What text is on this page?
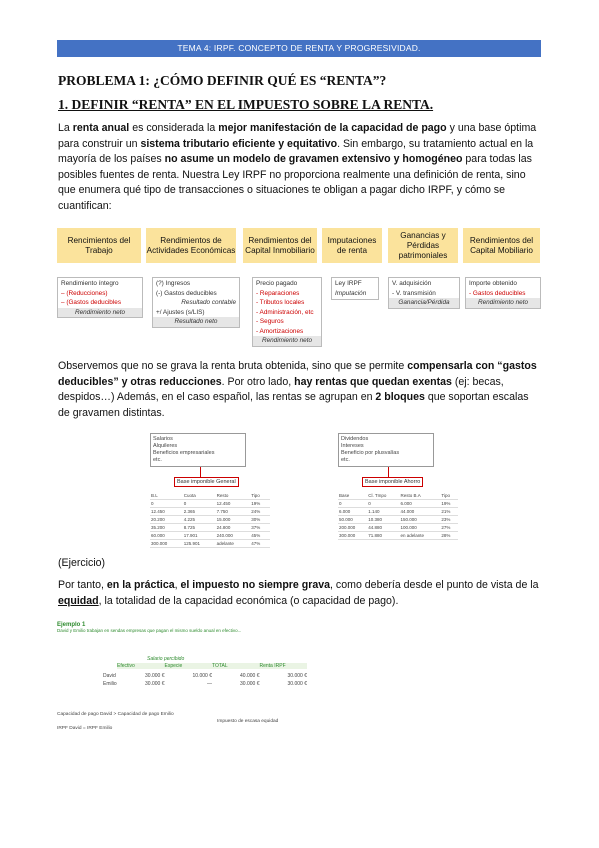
TEMA 4: IRPF. CONCEPTO DE RENTA Y PROGRESIVIDAD.
PROBLEMA 1: ¿CÓMO DEFINIR QUÉ ES “RENTA”?
1. DEFINIR “RENTA” EN EL IMPUESTO SOBRE LA RENTA.
La renta anual es considerada la mejor manifestación de la capacidad de pago y una base óptima para construir un sistema tributario eficiente y equitativo. Sin embargo, su tratamiento actual en la mayoría de los países no asume un modelo de gravamen extensivo y homogéneo para todas las posibles fuentes de renta. Nuestra Ley IRPF no proporciona realmente una definición de renta, sino que enumera qué tipo de transacciones o situaciones te obligan a pagar dicho IRPF, y cómo se cuantifican:
Rencimientos del Trabajo
Rendimientos de Actividades Económicas
Rendimientos del Capital Inmobiliario
Imputaciones de renta
Ganancias y Pérdidas patrimoniales
Rendimientos del Capital Mobiliario
Rendimiento íntegro
– (Reducciones)
– (Gastos deducibles
Rendimiento neto
(?) Ingresos
(‑) Gastos deducibles
Resultado contable
+/ Ajustes (s/LIS)
Resultado neto
Precio pagado
- Reparaciones
- Tributos locales
- Administración, etc
- Seguros
- Amortizaciones
Rendimiento neto
Ley IRPF
Imputación
V. adquisición
- V. transmisión
Ganancia/Pérdida
Importe obtenido
- Gastos deducibles
Rendimiento neto
Observemos que no se grava la renta bruta obtenida, sino que se permite compensarla con “gastos deducibles” y otras reducciones. Por otro lado, hay rentas que quedan exentas (ej: becas, despidos…) Además, en el caso español, las rentas se agrupan en 2 bloques que soportan escalas de gravamen distintas.
Salarios
Alquileres
Beneficios empresariales
etc.
Base imponible General
B.L	Cuota	Resto	Tipo
0	0	12.450	19%
12.450	2.365	7.750	24%
20.200	4.225	15.000	30%
35.200	8.725	24.800	37%
60.000	17.901	240.000	45%
300.000	125.901	adelante	47%
Dividendos
Intereses
Beneficio por plusvalías
etc.
Base imponible Ahorro
Base	Cl. Tmpo	Resto B.A	Tipo
0	0	6.000	19%
6.000	1.140	44.000	21%
50.000	10.380	150.000	23%
200.000	44.880	100.000	27%
300.000	71.880	en adelante	28%
(Ejercicio)
Por tanto, en la práctica, el impuesto no siempre grava, como debería desde el punto de vista de la equidad, la totalidad de la capacidad económica (o capacidad de pago).
Ejemplo 1
David y Emilio trabajan en sendas empresas que pagan el mismo sueldo anual en efectivo...
Salario percibido
Efectivo	Especie	TOTAL	Renta IRPF
David	30.000 €	10.000 €	40.000 €	30.000 €
Emilio	30.000 €	—	30.000 €	30.000 €
Capacidad de pago David > Capacidad de pago Emilio
IRPF David = IRPF Emilio
Impuesto de escasa equidad
